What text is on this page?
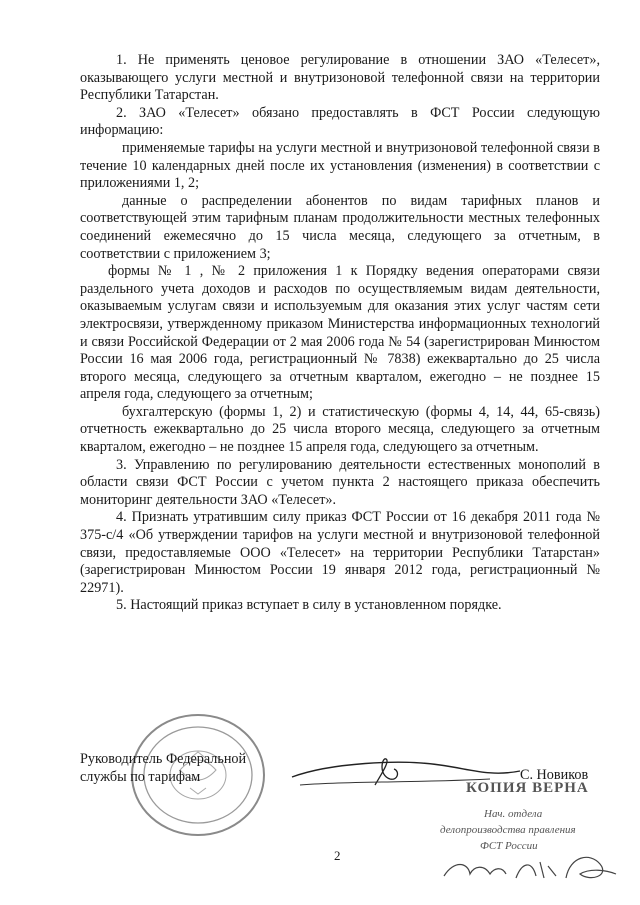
1. Не применять ценовое регулирование в отношении ЗАО «Телесет», оказывающего услуги местной и внутризоновой телефонной связи на территории Республики Татарстан.

2. ЗАО «Телесет» обязано предоставлять в ФСТ России следующую информацию:

применяемые тарифы на услуги местной и внутризоновой телефонной связи в течение 10 календарных дней после их установления (изменения) в соответствии с приложениями 1, 2;

данные о распределении абонентов по видам тарифных планов и соответствующей этим тарифным планам продолжительности местных телефонных соединений ежемесячно до 15 числа месяца, следующего за отчетным, в соответствии с приложением 3;

формы № 1 , № 2 приложения 1 к Порядку ведения операторами связи раздельного учета доходов и расходов по осуществляемым видам деятельности, оказываемым услугам связи и используемым для оказания этих услуг частям сети электросвязи, утвержденному приказом Министерства информационных технологий и связи Российской Федерации от 2 мая 2006 года № 54 (зарегистрирован Минюстом России 16 мая 2006 года, регистрационный № 7838) ежеквартально до 25 числа второго месяца, следующего за отчетным кварталом, ежегодно – не позднее 15 апреля года, следующего за отчетным;

бухгалтерскую (формы 1, 2) и статистическую (формы 4, 14, 44, 65-связь) отчетность ежеквартально до 25 числа второго месяца, следующего за отчетным кварталом, ежегодно – не позднее 15 апреля года, следующего за отчетным.

3. Управлению по регулированию деятельности естественных монополий в области связи ФСТ России с учетом пункта 2 настоящего приказа обеспечить мониторинг деятельности ЗАО «Телесет».

4. Признать утратившим силу приказ ФСТ России от 16 декабря 2011 года № 375-с/4 «Об утверждении тарифов на услуги местной и внутризоновой телефонной связи, предоставляемые ООО «Телесет» на территории Республики Татарстан» (зарегистрирован Минюстом России 19 января 2012 года, регистрационный № 22971).

5. Настоящий приказ вступает в силу в установленном порядке.

Руководитель Федеральной
службы по тарифам	С. Новиков
КОПИЯ ВЕРНА
Нач. отдела
делопроизводства правления
ФСТ России
2
